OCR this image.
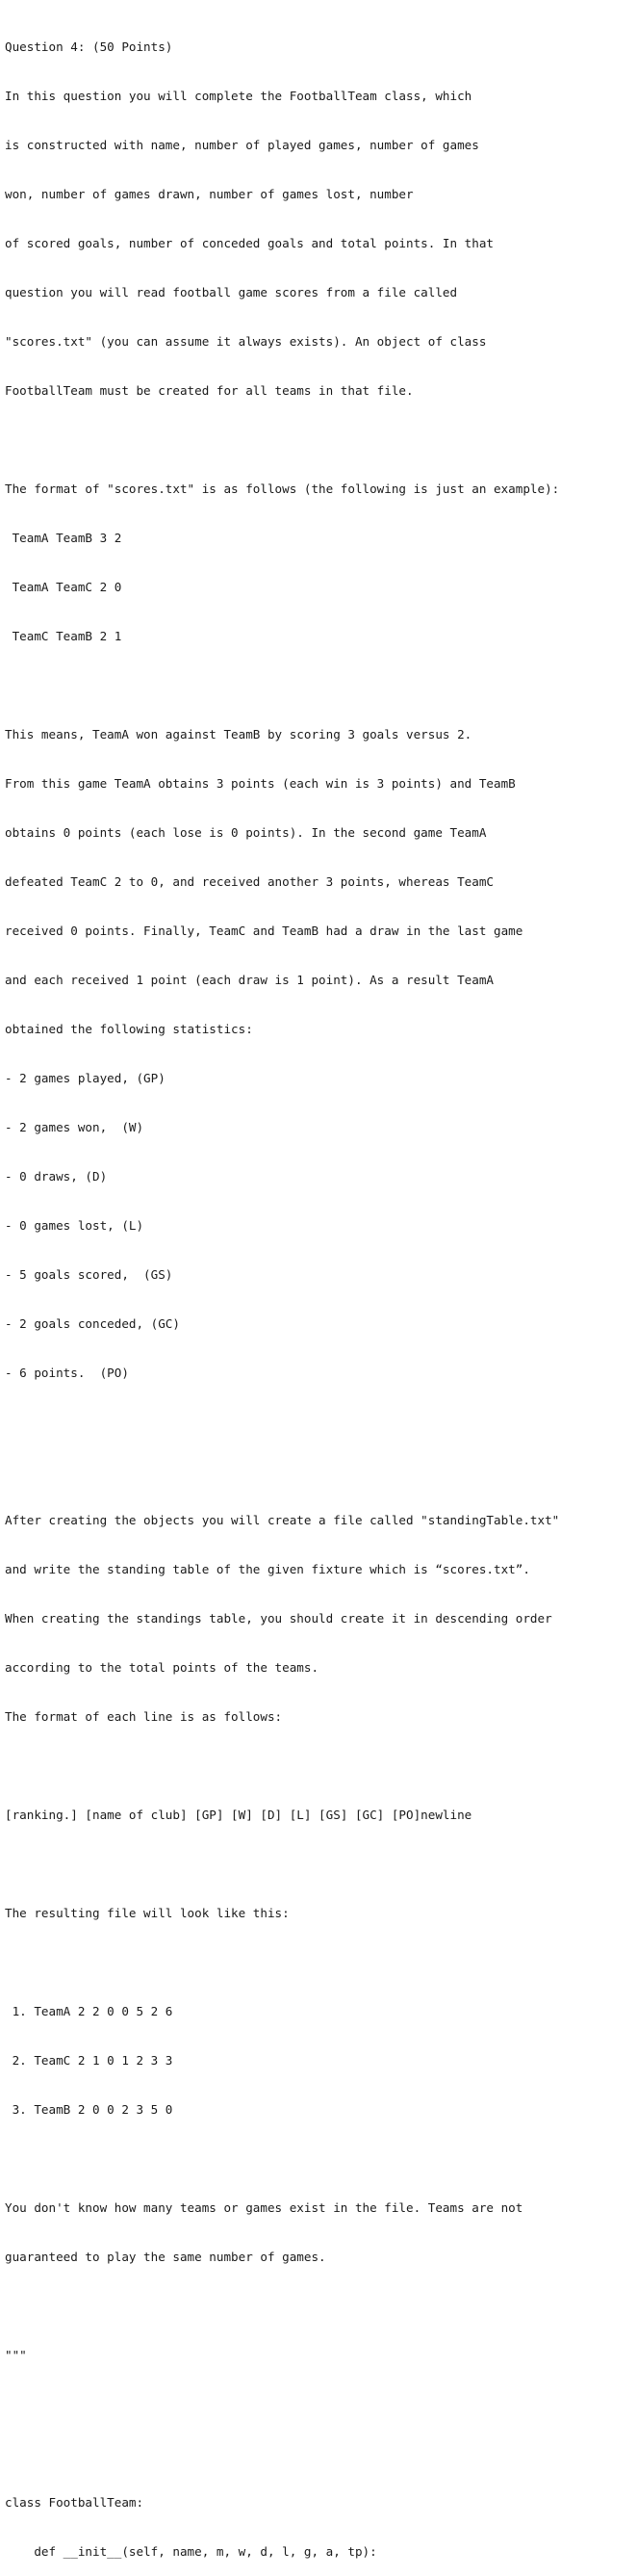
Question 4: (50 Points)

In this question you will complete the FootballTeam class, which

is constructed with name, number of played games, number of games

won, number of games drawn, number of games lost, number

of scored goals, number of conceded goals and total points. In that

question you will read football game scores from a file called

"scores.txt" (you can assume it always exists). An object of class

FootballTeam must be created for all teams in that file.

The format of "scores.txt" is as follows (the following is just an example):

TeamA TeamB 3 2

TeamA TeamC 2 0

TeamC TeamB 2 1

This means, TeamA won against TeamB by scoring 3 goals versus 2.

From this game TeamA obtains 3 points (each win is 3 points) and TeamB

obtains 0 points (each lose is 0 points). In the second game TeamA

defeated TeamC 2 to 0, and received another 3 points, whereas TeamC

received 0 points. Finally, TeamC and TeamB had a draw in the last game

and each received 1 point (each draw is 1 point). As a result TeamA

obtained the following statistics:

- 2 games played, (GP)

- 2 games won,  (W)

- 0 draws, (D)

- 0 games lost, (L)

- 5 goals scored,  (GS)

- 2 goals conceded, (GC)

- 6 points.  (PO)

After creating the objects you will create a file called "standingTable.txt"

and write the standing table of the given fixture which is “scores.txt”.

When creating the standings table, you should create it in descending order

according to the total points of the teams.

The format of each line is as follows:

[ranking.] [name of club] [GP] [W] [D] [L] [GS] [GC] [PO]newline

The resulting file will look like this:

1. TeamA 2 2 0 0 5 2 6

2. TeamC 2 1 0 1 2 3 3

3. TeamB 2 0 0 2 3 5 0

You don't know how many teams or games exist in the file. Teams are not

guaranteed to play the same number of games.

"""

class FootballTeam:

def __init__(self, name, m, w, d, l, g, a, tp):
